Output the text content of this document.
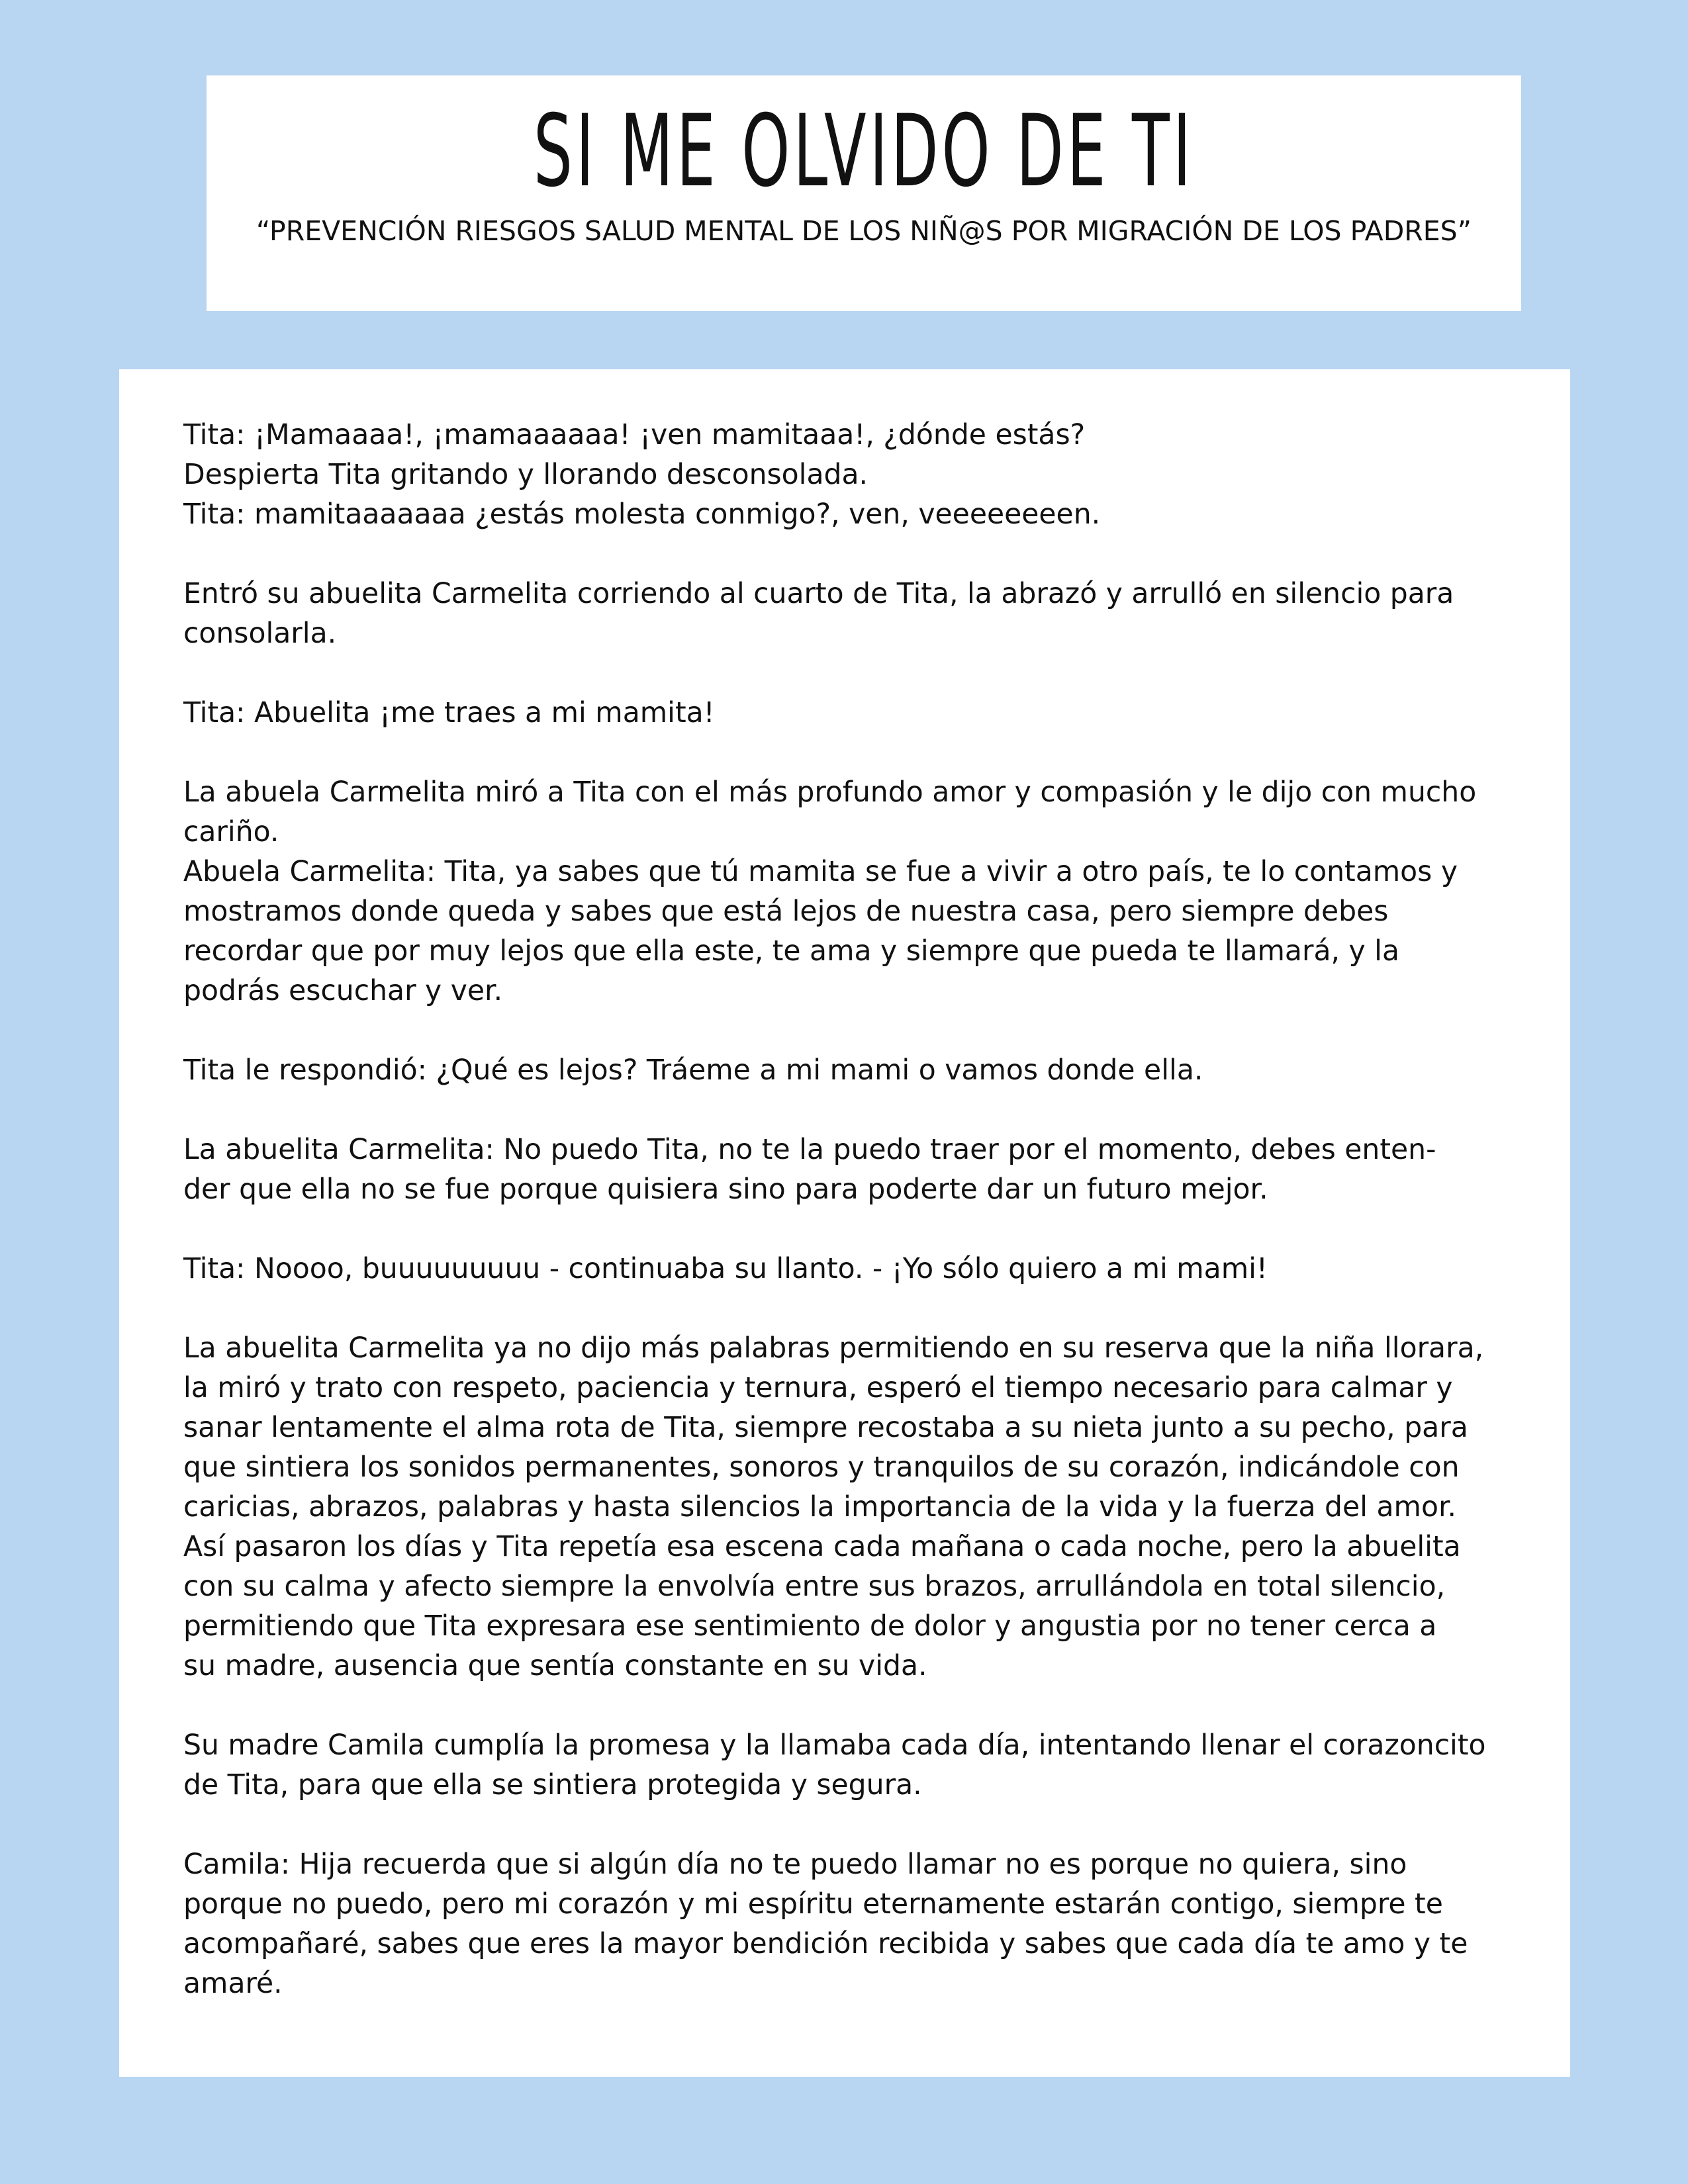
SI ME OLVIDO DE TI

“PREVENCIÓN RIESGOS SALUD MENTAL DE LOS NIÑ@S POR MIGRACIÓN DE LOS PADRES”

Tita: ¡Mamaaaa!, ¡mamaaaaaa! ¡ven mamitaaa!, ¿dónde estás?
Despierta Tita gritando y llorando desconsolada.
Tita: mamitaaaaaaa ¿estás molesta conmigo?, ven, veeeeeeeen.

Entró su abuelita Carmelita corriendo al cuarto de Tita, la abrazó y arrulló en silencio para
consolarla.

Tita: Abuelita ¡me traes a mi mamita!

La abuela Carmelita miró a Tita con el más profundo amor y compasión y le dijo con mucho
cariño.
Abuela Carmelita: Tita, ya sabes que tú mamita se fue a vivir a otro país, te lo contamos y
mostramos donde queda y sabes que está lejos de nuestra casa, pero siempre debes
recordar que por muy lejos que ella este, te ama y siempre que pueda te llamará, y la
podrás escuchar y ver.

Tita le respondió: ¿Qué es lejos? Tráeme a mi mami o vamos donde ella.

La abuelita Carmelita: No puedo Tita, no te la puedo traer por el momento, debes enten-
der que ella no se fue porque quisiera sino para poderte dar un futuro mejor.

Tita: Noooo, buuuuuuuuu - continuaba su llanto. - ¡Yo sólo quiero a mi mami!

La abuelita Carmelita ya no dijo más palabras permitiendo en su reserva que la niña llorara,
la miró y trato con respeto, paciencia y ternura, esperó el tiempo necesario para calmar y
sanar lentamente el alma rota de Tita, siempre recostaba a su nieta junto a su pecho, para
que sintiera los sonidos permanentes, sonoros y tranquilos de su corazón, indicándole con
caricias, abrazos, palabras y hasta silencios la importancia de la vida y la fuerza del amor.
Así pasaron los días y Tita repetía esa escena cada mañana o cada noche, pero la abuelita
con su calma y afecto siempre la envolvía entre sus brazos, arrullándola en total silencio,
permitiendo que Tita expresara ese sentimiento de dolor y angustia por no tener cerca a
su madre, ausencia que sentía constante en su vida.

Su madre Camila cumplía la promesa y la llamaba cada día, intentando llenar el corazoncito
de Tita, para que ella se sintiera protegida y segura.

Camila: Hija recuerda que si algún día no te puedo llamar no es porque no quiera, sino
porque no puedo, pero mi corazón y mi espíritu eternamente estarán contigo, siempre te
acompañaré, sabes que eres la mayor bendición recibida y sabes que cada día te amo y te
amaré.
